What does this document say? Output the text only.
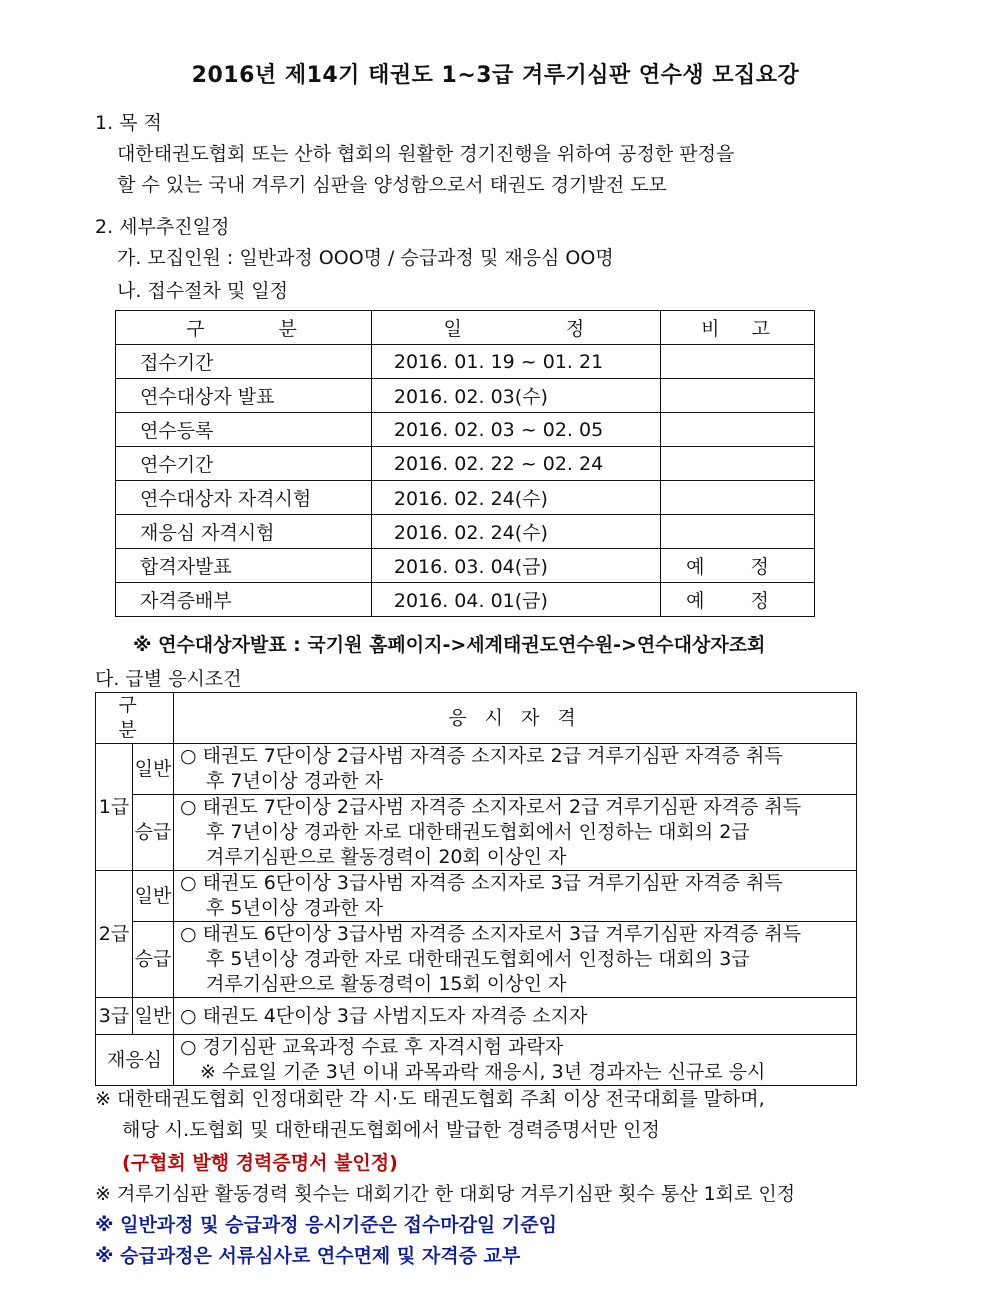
2016년 제14기 태권도 1~3급 겨루기심판 연수생 모집요강
1. 목 적
대한태권도협회 또는 산하 협회의 원활한 경기진행을 위하여 공정한 판정을
할 수 있는 국내 겨루기 심판을 양성함으로서 태권도 경기발전 도모
2. 세부추진일정
가. 모집인원 : 일반과정 OOO명 / 승급과정 및 재응심 OO명
나. 접수절차 및 일정
구 분	일 정	비 고
접수기간	2016. 01. 19 ~ 01. 21	
연수대상자 발표	2016. 02. 03(수)	
연수등록	2016. 02. 03 ~ 02. 05	
연수기간	2016. 02. 22 ~ 02. 24	
연수대상자 자격시험	2016. 02. 24(수)	
재응심 자격시험	2016. 02. 24(수)	
합격자발표	2016. 03. 04(금)	예 정
자격증배부	2016. 04. 01(금)	예 정
※ 연수대상자발표 : 국기원 홈페이지->세계태권도연수원->연수대상자조회
다. 급별 응시조건
구 분		응 시 자 격
1급	일반	○ 태권도 7단이상 2급사범 자격증 소지자로 2급 겨루기심판 자격증 취득
후 7년이상 경과한 자

	승급	○ 태권도 7단이상 2급사범 자격증 소지자로서 2급 겨루기심판 자격증 취득
후 7년이상 경과한 자로 대한태권도협회에서 인정하는 대회의 2급
겨루기심판으로 활동경력이 20회 이상인 자

2급	일반	○ 태권도 6단이상 3급사범 자격증 소지자로 3급 겨루기심판 자격증 취득
후 5년이상 경과한 자

	승급	○ 태권도 6단이상 3급사범 자격증 소지자로서 3급 겨루기심판 자격증 취득
후 5년이상 경과한 자로 대한태권도협회에서 인정하는 대회의 3급
겨루기심판으로 활동경력이 15회 이상인 자

3급	일반	○ 태권도 4단이상 3급 사범지도자 자격증 소지자

재응심		○ 경기심판 교육과정 수료 후 자격시험 과락자
※ 수료일 기준 3년 이내 과목과락 재응시, 3년 경과자는 신규로 응시
※ 대한태권도협회 인정대회란 각 시·도 태권도협회 주최 이상 전국대회를 말하며,
해당 시.도협회 및 대한태권도협회에서 발급한 경력증명서만 인정
(구협회 발행 경력증명서 불인정)
※ 겨루기심판 활동경력 횟수는 대회기간 한 대회당 겨루기심판 횟수 통산 1회로 인정
※ 일반과정 및 승급과정 응시기준은 접수마감일 기준임
※ 승급과정은 서류심사로 연수면제 및 자격증 교부
